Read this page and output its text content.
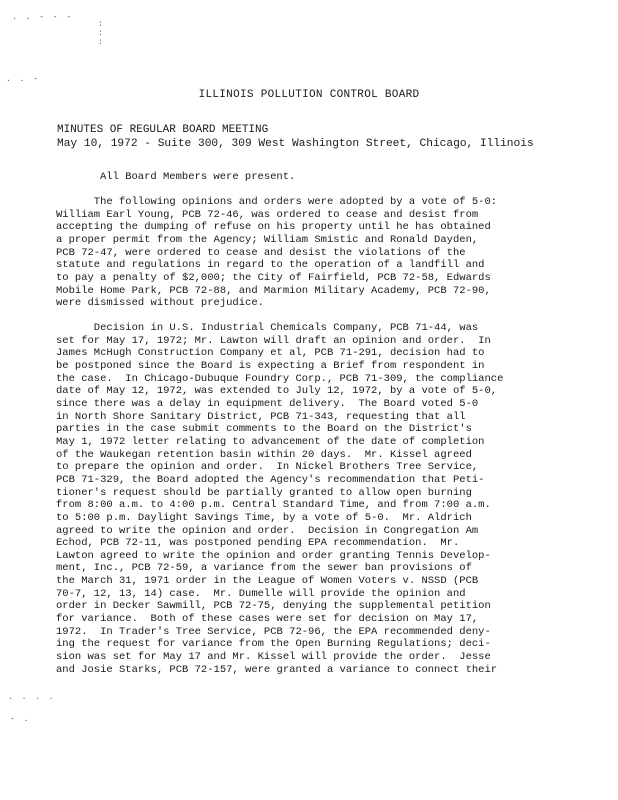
. . - - -
:
:
:
. . -
. . . .
- .
ILLINOIS POLLUTION CONTROL BOARD
MINUTES OF REGULAR BOARD MEETING
May 10, 1972 - Suite 300, 309 West Washington Street, Chicago, Illinois
All Board Members were present.
The following opinions and orders were adopted by a vote of 5-0:
William Earl Young, PCB 72-46, was ordered to cease and desist from
accepting the dumping of refuse on his property until he has obtained
a proper permit from the Agency; William Smistic and Ronald Dayden,
PCB 72-47, were ordered to cease and desist the violations of the
statute and regulations in regard to the operation of a landfill and
to pay a penalty of $2,000; the City of Fairfield, PCB 72-58, Edwards
Mobile Home Park, PCB 72-88, and Marmion Military Academy, PCB 72-90,
were dismissed without prejudice.
Decision in U.S. Industrial Chemicals Company, PCB 71-44, was
set for May 17, 1972; Mr. Lawton will draft an opinion and order.  In
James McHugh Construction Company et al, PCB 71-291, decision had to
be postponed since the Board is expecting a Brief from respondent in
the case.  In Chicago-Dubuque Foundry Corp., PCB 71-309, the compliance
date of May 12, 1972, was extended to July 12, 1972, by a vote of 5-0,
since there was a delay in equipment delivery.  The Board voted 5-0
in North Shore Sanitary District, PCB 71-343, requesting that all
parties in the case submit comments to the Board on the District's
May 1, 1972 letter relating to advancement of the date of completion
of the Waukegan retention basin within 20 days.  Mr. Kissel agreed
to prepare the opinion and order.  In Nickel Brothers Tree Service,
PCB 71-329, the Board adopted the Agency's recommendation that Peti-
tioner's request should be partially granted to allow open burning
from 8:00 a.m. to 4:00 p.m. Central Standard Time, and from 7:00 a.m.
to 5:00 p.m. Daylight Savings Time, by a vote of 5-0.  Mr. Aldrich
agreed to write the opinion and order.  Decision in Congregation Am
Echod, PCB 72-11, was postponed pending EPA recommendation.  Mr.
Lawton agreed to write the opinion and order granting Tennis Develop-
ment, Inc., PCB 72-59, a variance from the sewer ban provisions of
the March 31, 1971 order in the League of Women Voters v. NSSD (PCB
70-7, 12, 13, 14) case.  Mr. Dumelle will provide the opinion and
order in Decker Sawmill, PCB 72-75, denying the supplemental petition
for variance.  Both of these cases were set for decision on May 17,
1972.  In Trader's Tree Service, PCB 72-96, the EPA recommended deny-
ing the request for variance from the Open Burning Regulations; deci-
sion was set for May 17 and Mr. Kissel will provide the order.  Jesse
and Josie Starks, PCB 72-157, were granted a variance to connect their
